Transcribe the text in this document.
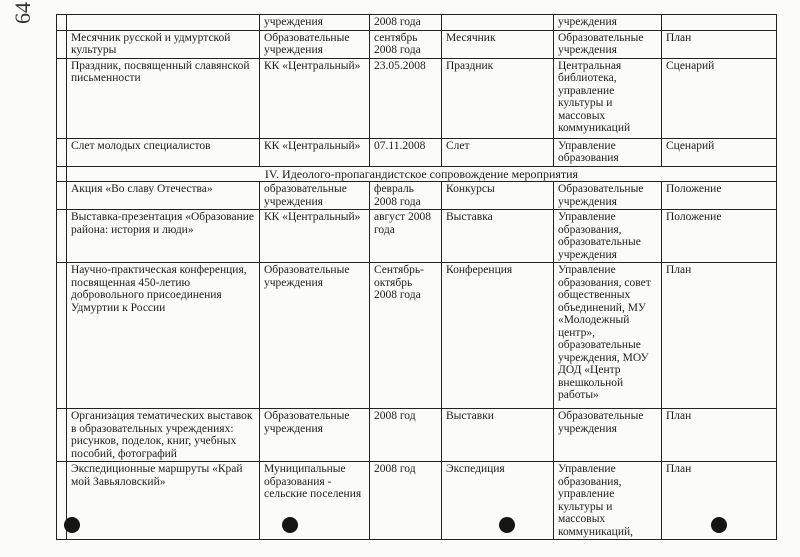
64
			учреждения	2008 года		учреждения	
	Месячник русской и удмуртской культуры	Образовательные учреждения	сентябрь 2008 года	Месячник	Образовательные учреждения	План
	Праздник, посвященный славянской письменности	КК «Центральный»	23.05.2008	Праздник	Центральная библиотека, управление культуры и массовых коммуникаций	Сценарий
	Слет молодых специалистов	КК «Центральный»	07.11.2008	Слет	Управление образования	Сценарий
	IV. Идеолого-пропагандистское сопровождение мероприятия					
	Акция «Во славу Отечества»	образовательные учреждения	февраль 2008 года	Конкурсы	Образовательные учреждения	Положение
	Выставка-презентация «Образование района: история и люди»	КК «Центральный»	август 2008 года	Выставка	Управление образования, образовательные учреждения	Положение
	Научно-практическая конференция, посвященная 450-летию добровольного присоединения Удмуртии к России	Образовательные учреждения	Сентябрь-октябрь 2008 года	Конференция	Управление образования, совет общественных объединений, МУ «Молодежный центр», образовательные учреждения, МОУ ДОД «Центр внешкольной работы»	План
	Организация тематических выставок в образовательных учреждениях: рисунков, поделок, книг, учебных пособий, фотографий	Образовательные учреждения	2008 год	Выставки	Образовательные учреждения	План
	Экспедиционные маршруты «Край мой Завьяловский»	Муниципальные образования - сельские поселения	2008 год	Экспедиция	Управление образования, управление культуры и массовых коммуникаций,	План
